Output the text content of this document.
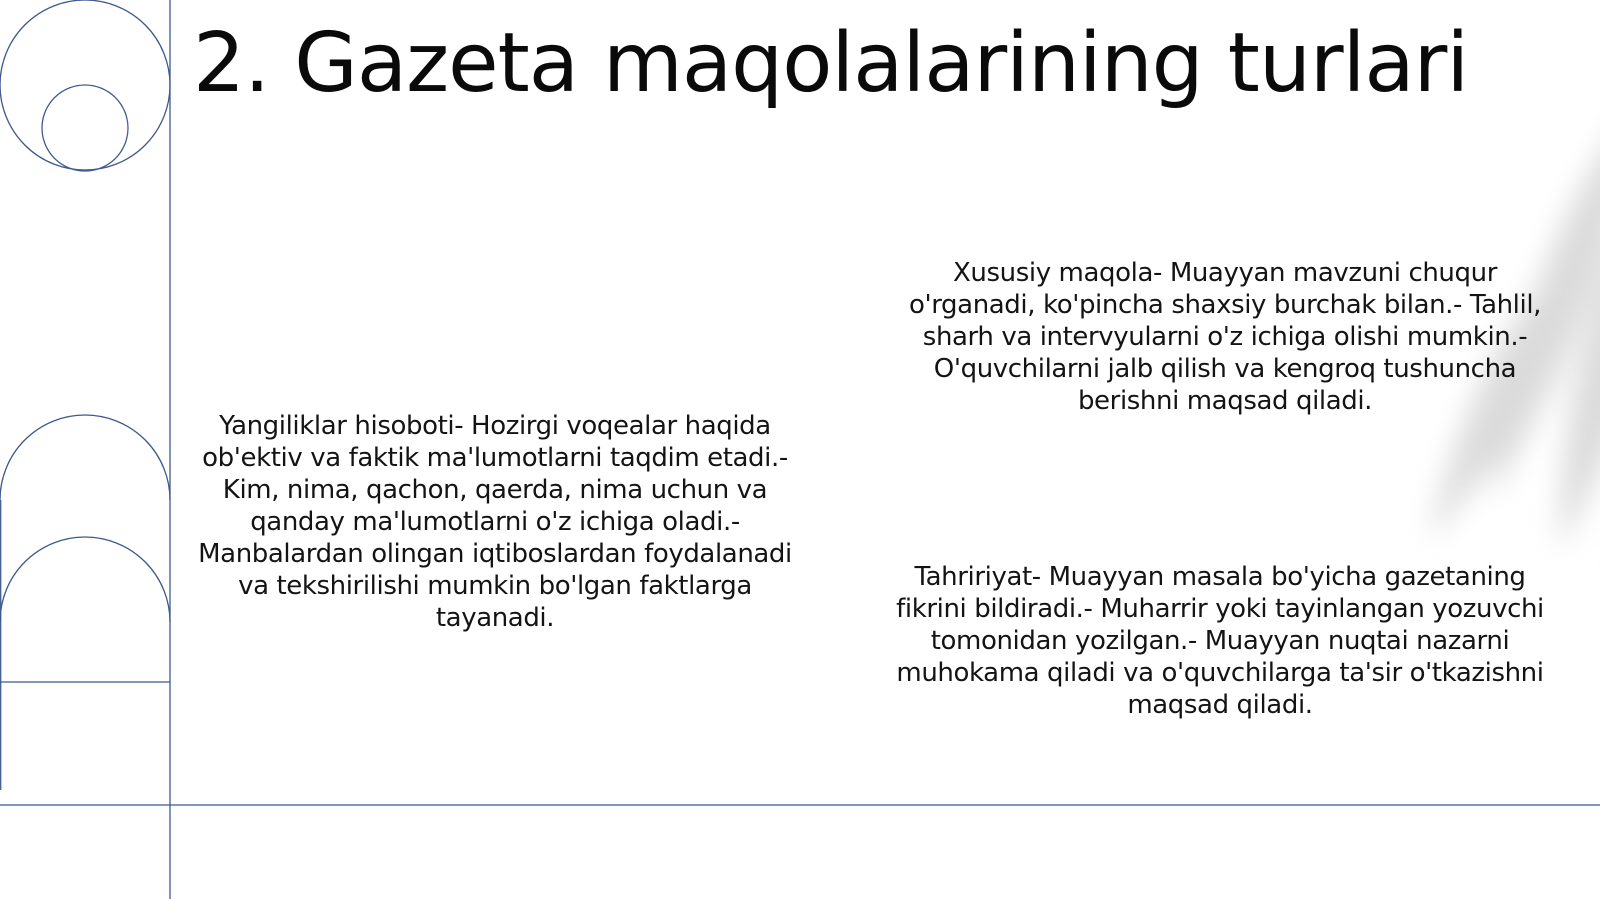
2. Gazeta maqolalarining turlari

Yangiliklar hisoboti- Hozirgi voqealar haqida ob'ektiv va faktik ma'lumotlarni taqdim etadi.- Kim, nima, qachon, qaerda, nima uchun va qanday ma'lumotlarni o'z ichiga oladi.- Manbalardan olingan iqtiboslardan foydalanadi va tekshirilishi mumkin bo'lgan faktlarga tayanadi.

Xususiy maqola- Muayyan mavzuni chuqur o'rganadi, ko'pincha shaxsiy burchak bilan.- Tahlil, sharh va intervyularni o'z ichiga olishi mumkin.- O'quvchilarni jalb qilish va kengroq tushuncha berishni maqsad qiladi.

Tahririyat- Muayyan masala bo'yicha gazetaning fikrini bildiradi.- Muharrir yoki tayinlangan yozuvchi tomonidan yozilgan.- Muayyan nuqtai nazarni muhokama qiladi va o'quvchilarga ta'sir o'tkazishni maqsad qiladi.
